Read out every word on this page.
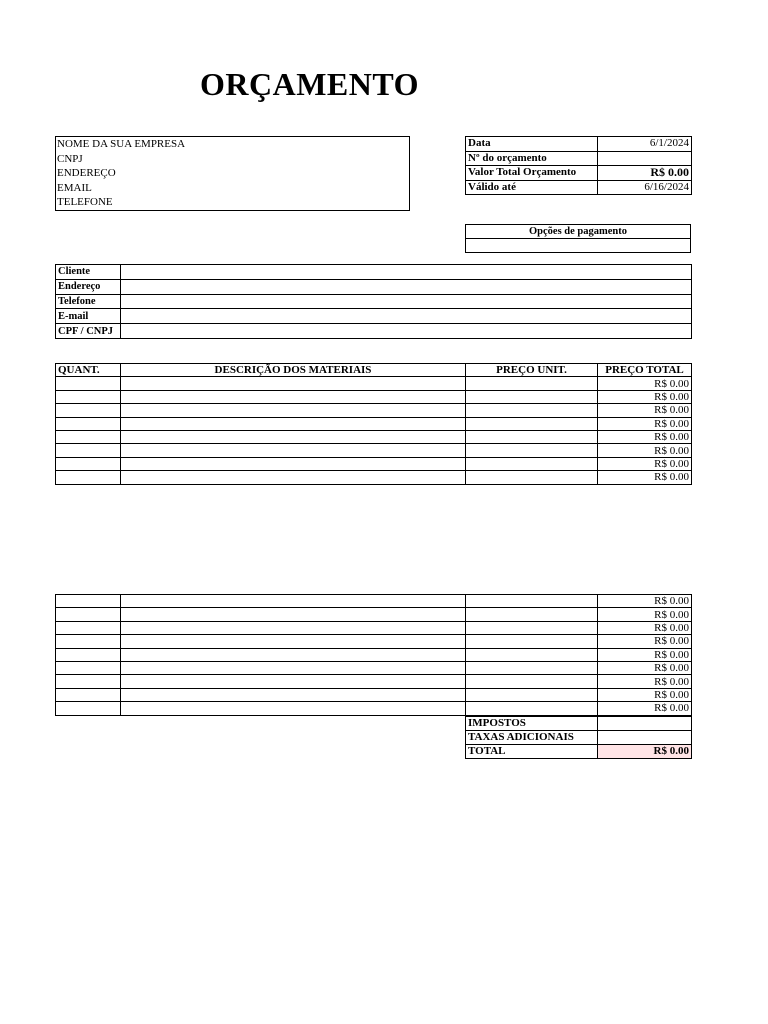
ORÇAMENTO
NOME DA SUA EMPRESA
CNPJ
ENDEREÇO
EMAIL
TELEFONE
Data	6/1/2024
Nº do orçamento	
Valor Total Orçamento	R$ 0.00
Válido até	6/16/2024
Opções de pagamento

Cliente	
Endereço	
Telefone	
E-mail	
CPF / CNPJ	
QUANT.	DESCRIÇÃO DOS MATERIAIS	PREÇO UNIT.	PREÇO TOTAL
			R$ 0.00
			R$ 0.00
			R$ 0.00
			R$ 0.00
			R$ 0.00
			R$ 0.00
			R$ 0.00
			R$ 0.00
			R$ 0.00
			R$ 0.00
			R$ 0.00
			R$ 0.00
			R$ 0.00
			R$ 0.00
			R$ 0.00
			R$ 0.00
			R$ 0.00
IMPOSTOS	
TAXAS ADICIONAIS	
TOTAL	R$ 0.00
